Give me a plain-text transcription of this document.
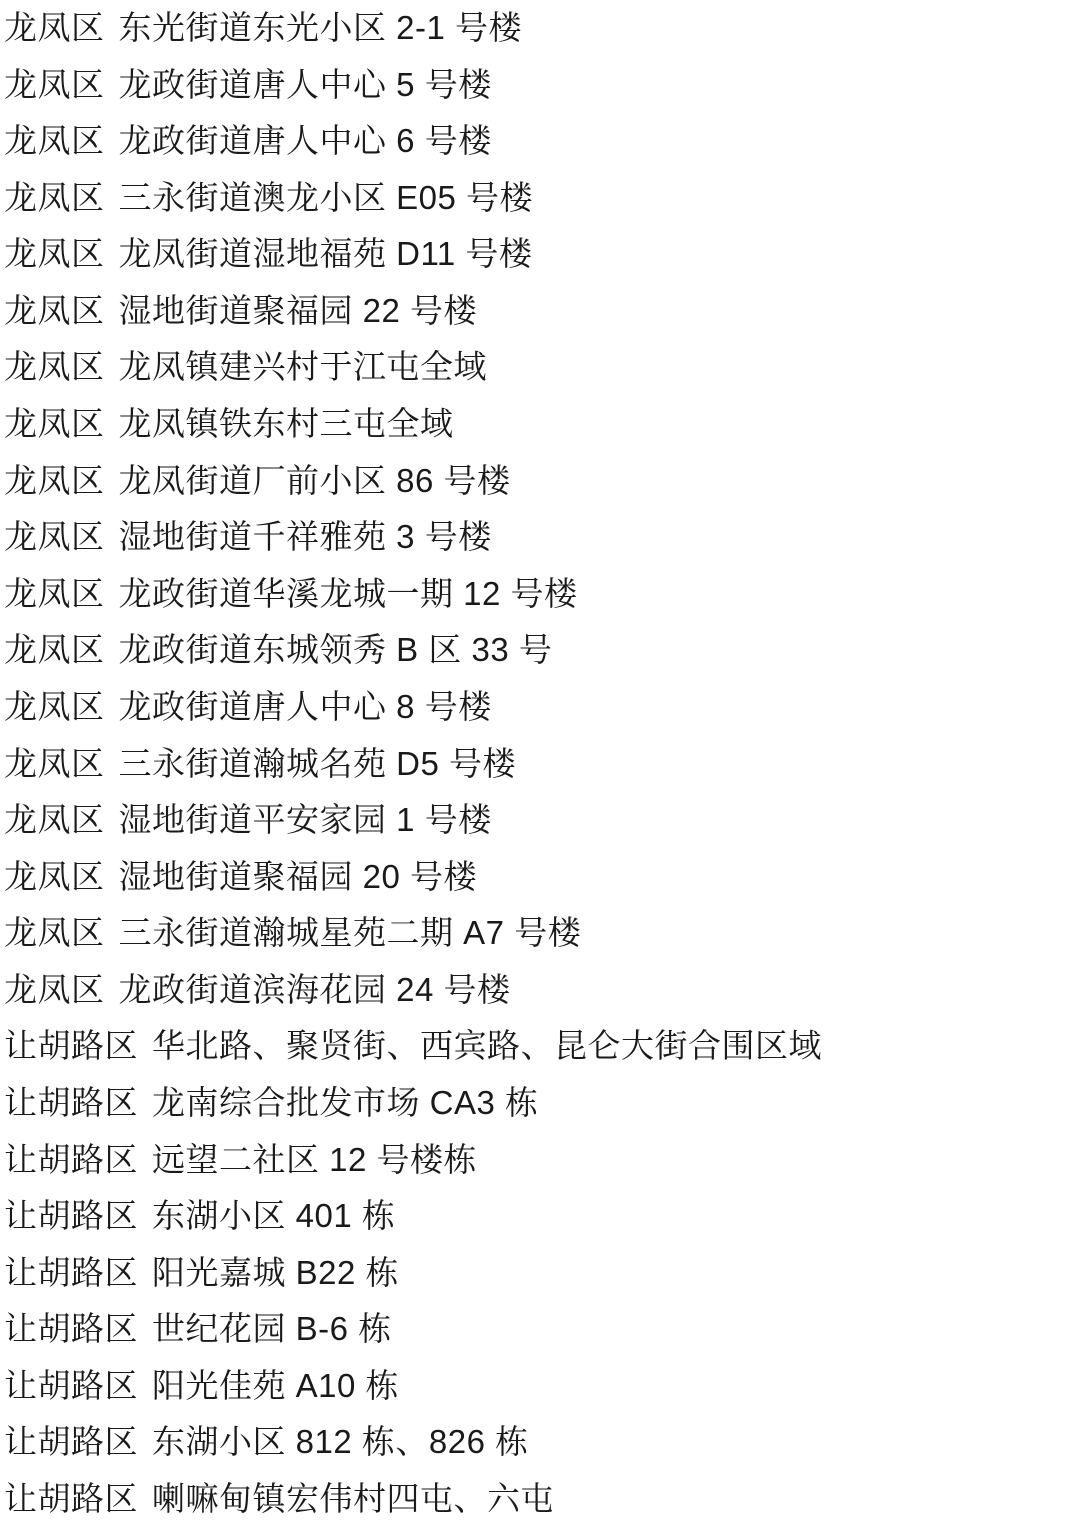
龙凤区 东光街道东光小区 2-1 号楼
龙凤区 龙政街道唐人中心 5 号楼
龙凤区 龙政街道唐人中心 6 号楼
龙凤区 三永街道澳龙小区 E05 号楼
龙凤区 龙凤街道湿地福苑 D11 号楼
龙凤区 湿地街道聚福园 22 号楼
龙凤区 龙凤镇建兴村于江屯全域
龙凤区 龙凤镇铁东村三屯全域
龙凤区 龙凤街道厂前小区 86 号楼
龙凤区 湿地街道千祥雅苑 3 号楼
龙凤区 龙政街道华溪龙城一期 12 号楼
龙凤区 龙政街道东城领秀 B 区 33 号
龙凤区 龙政街道唐人中心 8 号楼
龙凤区 三永街道瀚城名苑 D5 号楼
龙凤区 湿地街道平安家园 1 号楼
龙凤区 湿地街道聚福园 20 号楼
龙凤区 三永街道瀚城星苑二期 A7 号楼
龙凤区 龙政街道滨海花园 24 号楼
让胡路区 华北路、聚贤街、西宾路、昆仑大街合围区域
让胡路区 龙南综合批发市场 CA3 栋
让胡路区 远望二社区 12 号楼栋
让胡路区 东湖小区 401 栋
让胡路区 阳光嘉城 B22 栋
让胡路区 世纪花园 B-6 栋
让胡路区 阳光佳苑 A10 栋
让胡路区 东湖小区 812 栋、826 栋
让胡路区 喇嘛甸镇宏伟村四屯、六屯
